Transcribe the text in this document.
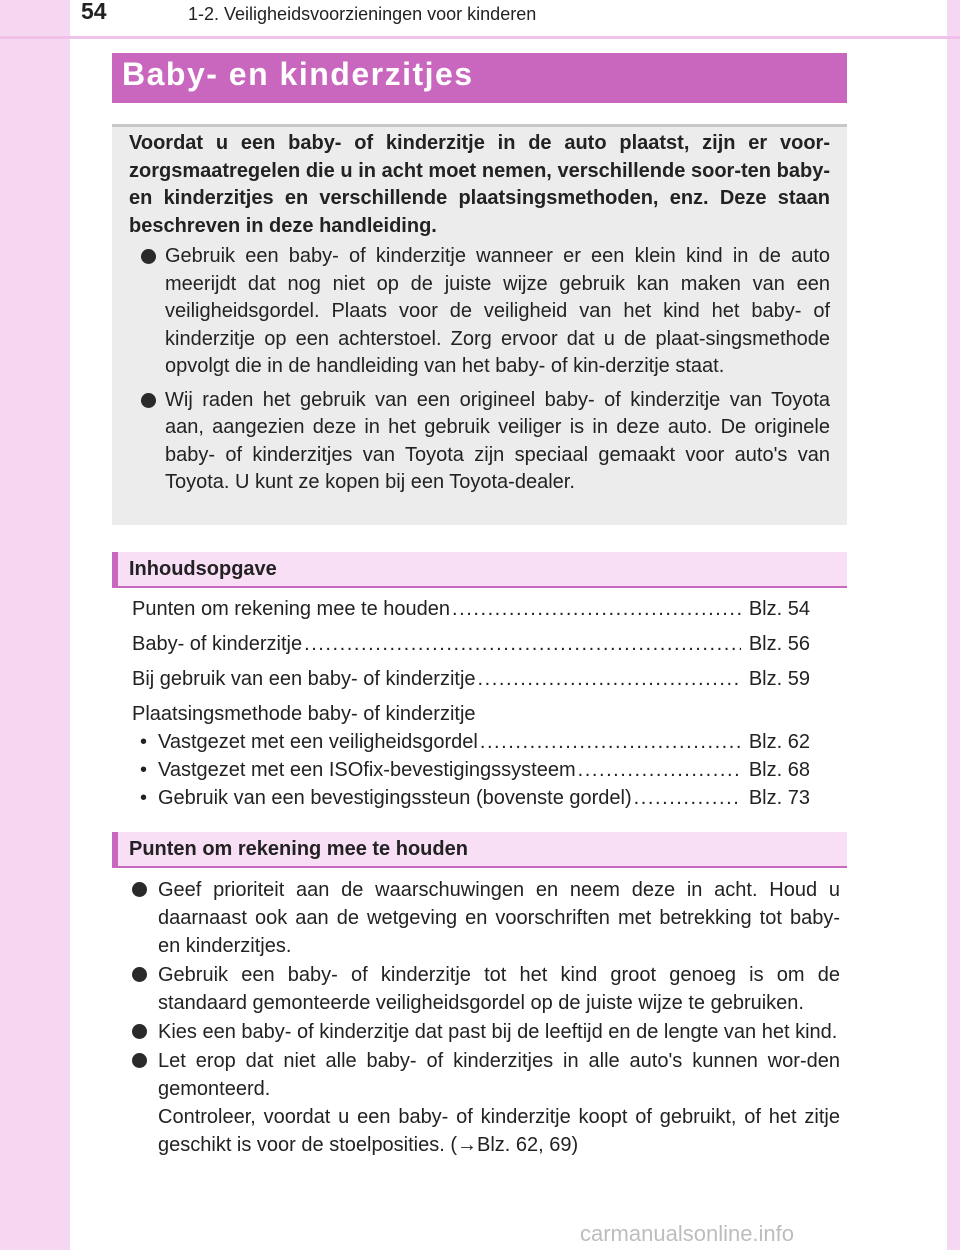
54	1-2. Veiligheidsvoorzieningen voor kinderen
Baby- en kinderzitjes

Voordat u een baby- of kinderzitje in de auto plaatst, zijn er voor-zorgsmaatregelen die u in acht moet nemen, verschillende soor-ten baby- en kinderzitjes en verschillende plaatsingsmethoden, enz. Deze staan beschreven in deze handleiding.

Gebruik een baby- of kinderzitje wanneer er een klein kind in de auto meerijdt dat nog niet op de juiste wijze gebruik kan maken van een veiligheidsgordel. Plaats voor de veiligheid van het kind het baby- of kinderzitje op een achterstoel. Zorg ervoor dat u de plaat-singsmethode opvolgt die in de handleiding van het baby- of kin-derzitje staat.
Wij raden het gebruik van een origineel baby- of kinderzitje van Toyota aan, aangezien deze in het gebruik veiliger is in deze auto. De originele baby- of kinderzitjes van Toyota zijn speciaal gemaakt voor auto's van Toyota. U kunt ze kopen bij een Toyota-dealer.
Inhoudsopgave
Punten om rekening mee te houden . . .	Blz. 54
Baby- of kinderzitje . . .	Blz. 56
Bij gebruik van een baby- of kinderzitje . . .	Blz. 59
Plaatsingsmethode baby- of kinderzitje
• Vastgezet met een veiligheidsgordel . . .	Blz. 62
• Vastgezet met een ISOfix-bevestigingssysteem . . .	Blz. 68
• Gebruik van een bevestigingssteun (bovenste gordel) . . .	Blz. 73
Punten om rekening mee te houden
Geef prioriteit aan de waarschuwingen en neem deze in acht. Houd u daarnaast ook aan de wetgeving en voorschriften met betrekking tot baby- en kinderzitjes.
Gebruik een baby- of kinderzitje tot het kind groot genoeg is om de standaard gemonteerde veiligheidsgordel op de juiste wijze te gebruiken.
Kies een baby- of kinderzitje dat past bij de leeftijd en de lengte van het kind.
Let erop dat niet alle baby- of kinderzitjes in alle auto's kunnen wor-den gemonteerd.
Controleer, voordat u een baby- of kinderzitje koopt of gebruikt, of het zitje geschikt is voor de stoelposities. (→Blz. 62, 69)
carmanualsonline.info
